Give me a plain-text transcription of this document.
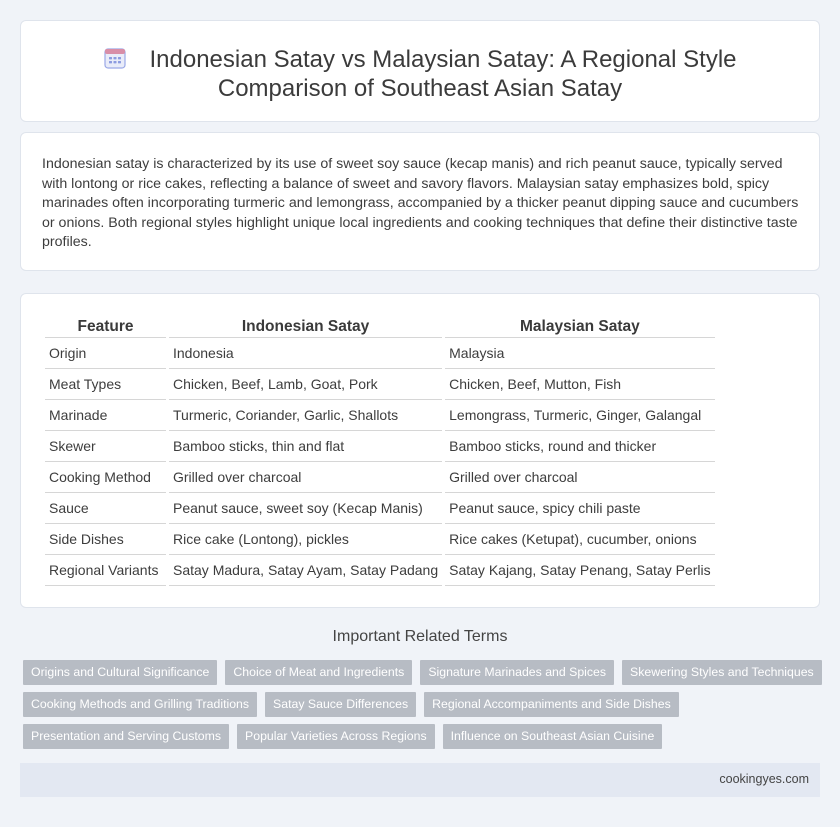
Indonesian Satay vs Malaysian Satay: A Regional Style
Comparison of Southeast Asian Satay

Indonesian satay is characterized by its use of sweet soy sauce (kecap manis) and rich peanut sauce, typically served with lontong or rice cakes, reflecting a balance of sweet and savory flavors. Malaysian satay emphasizes bold, spicy marinades often incorporating turmeric and lemongrass, accompanied by a thicker peanut dipping sauce and cucumbers or onions. Both regional styles highlight unique local ingredients and cooking techniques that define their distinctive taste profiles.

Feature	Indonesian Satay	Malaysian Satay
Origin	Indonesia	Malaysia
Meat Types	Chicken, Beef, Lamb, Goat, Pork	Chicken, Beef, Mutton, Fish
Marinade	Turmeric, Coriander, Garlic, Shallots	Lemongrass, Turmeric, Ginger, Galangal
Skewer	Bamboo sticks, thin and flat	Bamboo sticks, round and thicker
Cooking Method	Grilled over charcoal	Grilled over charcoal
Sauce	Peanut sauce, sweet soy (Kecap Manis)	Peanut sauce, spicy chili paste
Side Dishes	Rice cake (Lontong), pickles	Rice cakes (Ketupat), cucumber, onions
Regional Variants	Satay Madura, Satay Ayam, Satay Padang	Satay Kajang, Satay Penang, Satay Perlis
Important Related Terms
Origins and Cultural Significance	Choice of Meat and Ingredients	Signature Marinades and Spices	Skewering Styles and Techniques
Cooking Methods and Grilling Traditions	Satay Sauce Differences	Regional Accompaniments and Side Dishes
Presentation and Serving Customs	Popular Varieties Across Regions	Influence on Southeast Asian Cuisine
cookingyes.com
